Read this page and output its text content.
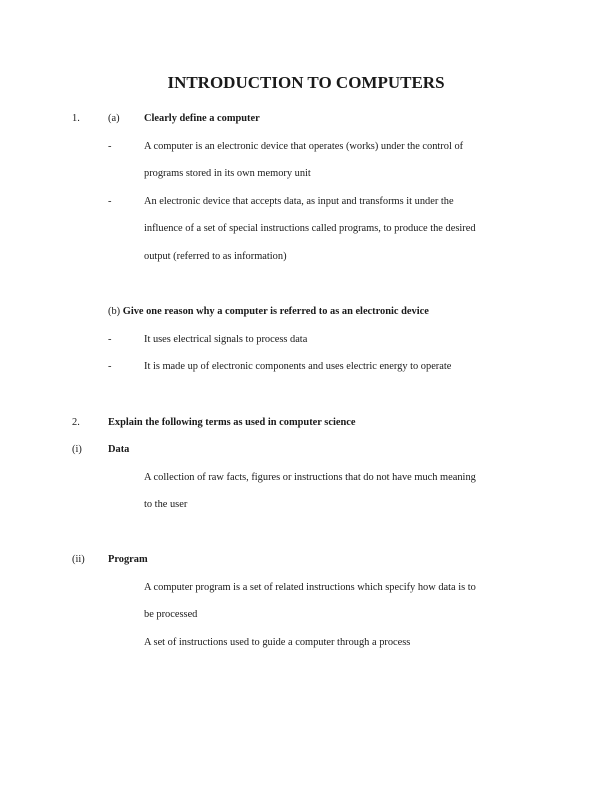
INTRODUCTION TO COMPUTERS
1.	(a) Clearly define a computer
-	A computer is an electronic device that operates (works) under the control of
programs stored in its own memory unit
-	An electronic device that accepts data, as input and transforms it under the
influence of a set of special instructions called programs, to produce the desired
output (referred to as information)
(b) Give one reason why a computer is referred to as an electronic device
-	It uses electrical signals to process data
-	It is made up of electronic components and uses electric energy to operate
2.	Explain the following terms as used in computer science
(i)	Data
A collection of raw facts, figures or instructions that do not have much meaning
to the user
(ii) Program
A computer program is a set of related instructions which specify how data is to
be processed
A set of instructions used to guide a computer through a process
